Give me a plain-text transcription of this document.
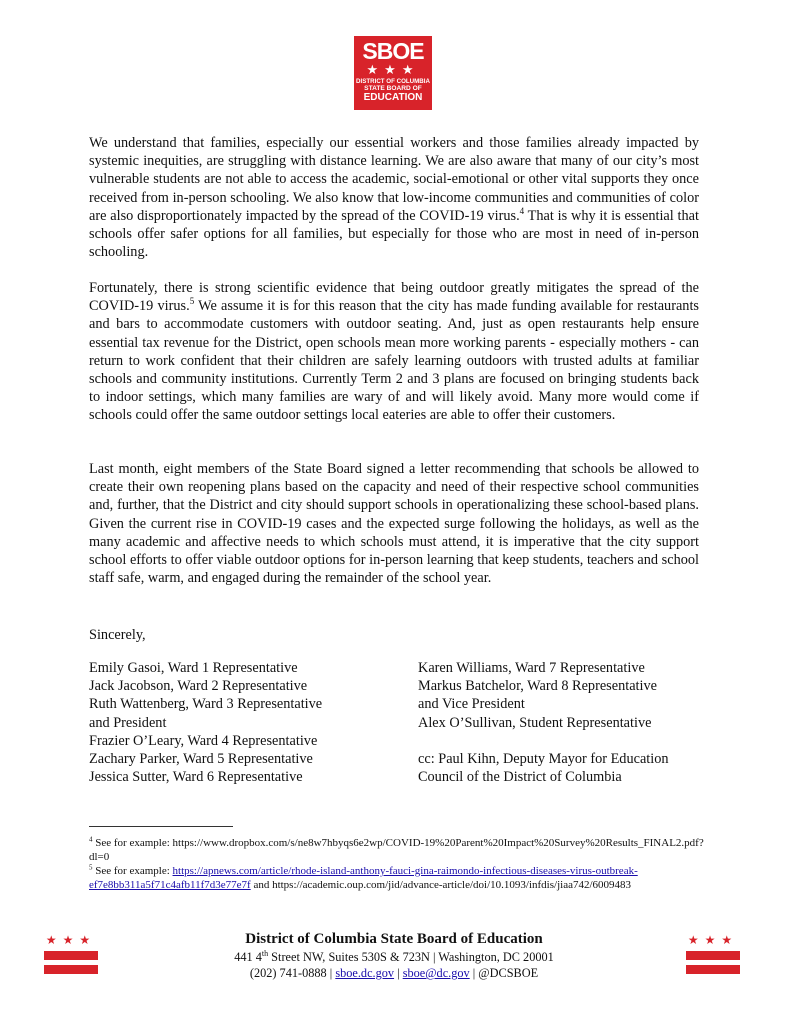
SBOE
★★★
DISTRICT OF COLUMBIA
STATE BOARD OF
EDUCATION

We understand that families, especially our essential workers and those families already impacted by systemic inequities, are struggling with distance learning. We are also aware that many of our city’s most vulnerable students are not able to access the academic, social-emotional or other vital supports they once received from in-person schooling. We also know that low-income communities and communities of color are also disproportionately impacted by the spread of the COVID-19 virus.$^4$ That is why it is essential that schools offer safer options for all families, but especially for those who are most in need of in-person schooling.

Fortunately, there is strong scientific evidence that being outdoor greatly mitigates the spread of the COVID-19 virus.$^5$ We assume it is for this reason that the city has made funding available for restaurants and bars to accommodate customers with outdoor seating. And, just as open restaurants help ensure essential tax revenue for the District, open schools mean more working parents - especially mothers - can return to work confident that their children are safely learning outdoors with trusted adults at familiar schools and community institutions. Currently Term 2 and 3 plans are focused on bringing students back to indoor settings, which many families are wary of and will likely avoid. Many more would come if schools could offer the same outdoor settings local eateries are able to offer their customers.

Last month, eight members of the State Board signed a letter recommending that schools be allowed to create their own reopening plans based on the capacity and need of their respective school communities and, further, that the District and city should support schools in operationalizing these school-based plans. Given the current rise in COVID-19 cases and the expected surge following the holidays, as well as the many academic and affective needs to which schools must attend, it is imperative that the city support school efforts to offer viable outdoor options for in-person learning that keep students, teachers and school staff safe, warm, and engaged during the remainder of the school year.

Sincerely,
Emily Gasoi, Ward 1 Representative
Jack Jacobson, Ward 2 Representative
Ruth Wattenberg, Ward 3 Representative
and President
Frazier O’Leary, Ward 4 Representative
Zachary Parker, Ward 5 Representative
Jessica Sutter, Ward 6 Representative
Karen Williams, Ward 7 Representative
Markus Batchelor, Ward 8 Representative
and Vice President
Alex O’Sullivan, Student Representative
cc: Paul Kihn, Deputy Mayor for Education
Council of the District of Columbia
$^4$ See for example: https://www.dropbox.com/s/ne8w7hbyqs6e2wp/COVID-19%20Parent%20Impact%20Survey%20Results_FINAL2.pdf?dl=0
$^5$ See for example: https://apnews.com/article/rhode-island-anthony-fauci-gina-raimondo-infectious-diseases-virus-outbreak-ef7e8bb311a5f71c4afb11f7d3e77e7f and https://academic.oup.com/jid/advance-article/doi/10.1093/infdis/jiaa742/6009483
★★★	★★★
District of Columbia State Board of Education
441 4th Street NW, Suites 530S & 723N | Washington, DC 20001
(202) 741-0888 | sboe.dc.gov | sboe@dc.gov | @DCSBOE
